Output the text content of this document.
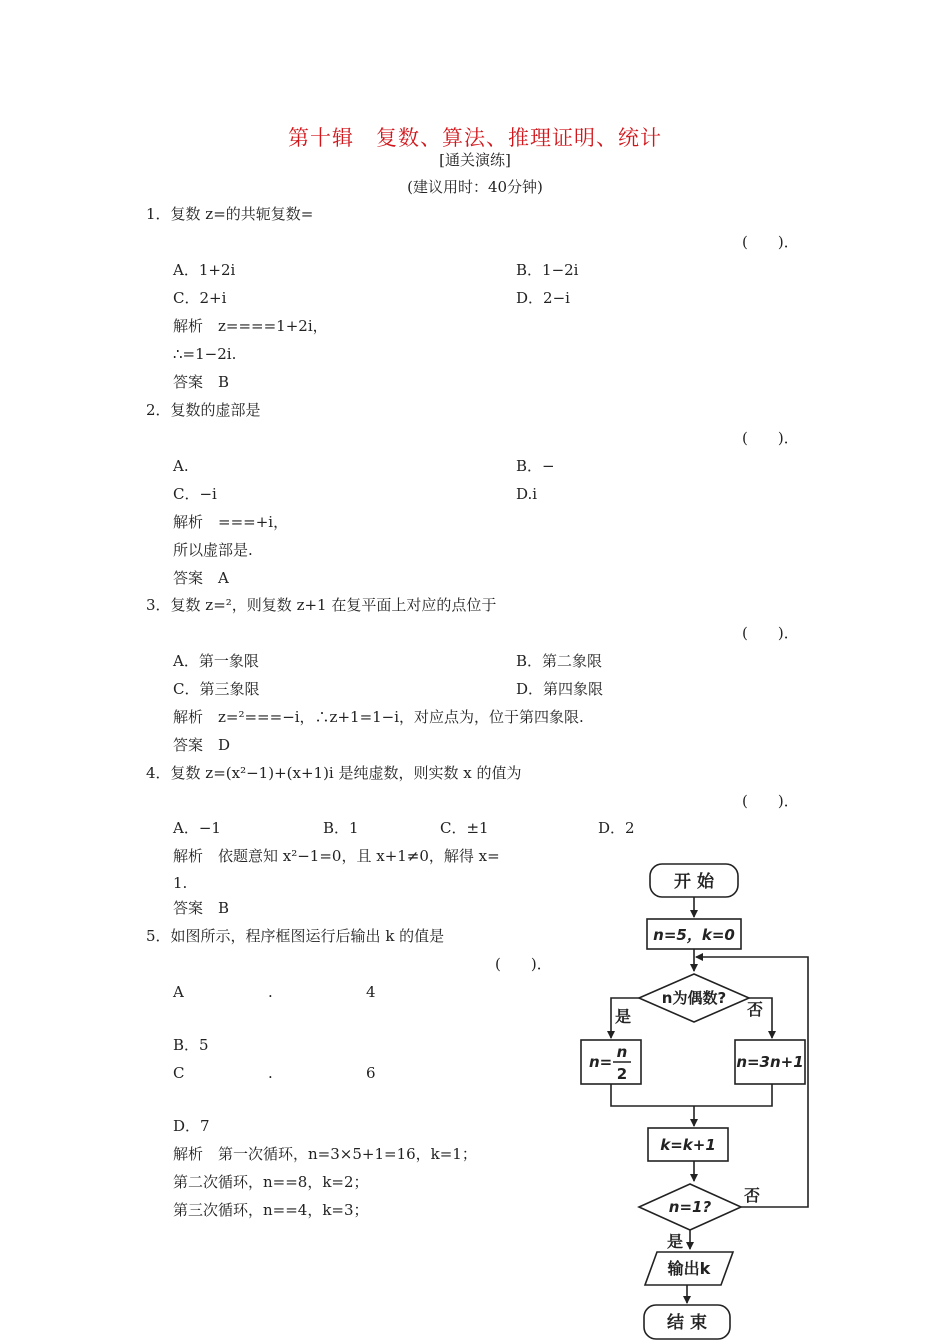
第十辑　复数、算法、推理证明、统计
[通关演练]
(建议用时：40分钟)
1．复数 z=的共轭复数=
(　　)．
A．1+2i	B．1−2i
C．2+i	D．2−i
解析　z====1+2i，
∴=1−2i.
答案　B
2．复数的虚部是
(　　)．
A.	B．−
C．−i	D.i
解析　===+i，
所以虚部是.
答案　A
3．复数 z=²，则复数 z+1 在复平面上对应的点位于
(　　)．
A．第一象限	B．第二象限
C．第三象限	D．第四象限
解析　z=²===−i，∴z+1=1−i，对应点为，位于第四象限.
答案　D
4．复数 z=(x²−1)+(x+1)i 是纯虚数，则实数 x 的值为
(　　)．
A．−1	B．1	C．±1	D．2
解析　依题意知 x²−1=0，且 x+1≠0，解得 x=
1.
答案　B
5．如图所示，程序框图运行后输出 k 的值是
(　　)．
A	.	4
B．5
C	.	6
D．7
解析　第一次循环，n=3×5+1=16，k=1；
第二次循环，n==8，k=2；
第三次循环，n==4，k=3；
开 始
n=5，k=0
n为偶数?
是	否
n=
n
2
n=3n+1
k=k+1
n=1?
否
是
输出k
结 束
